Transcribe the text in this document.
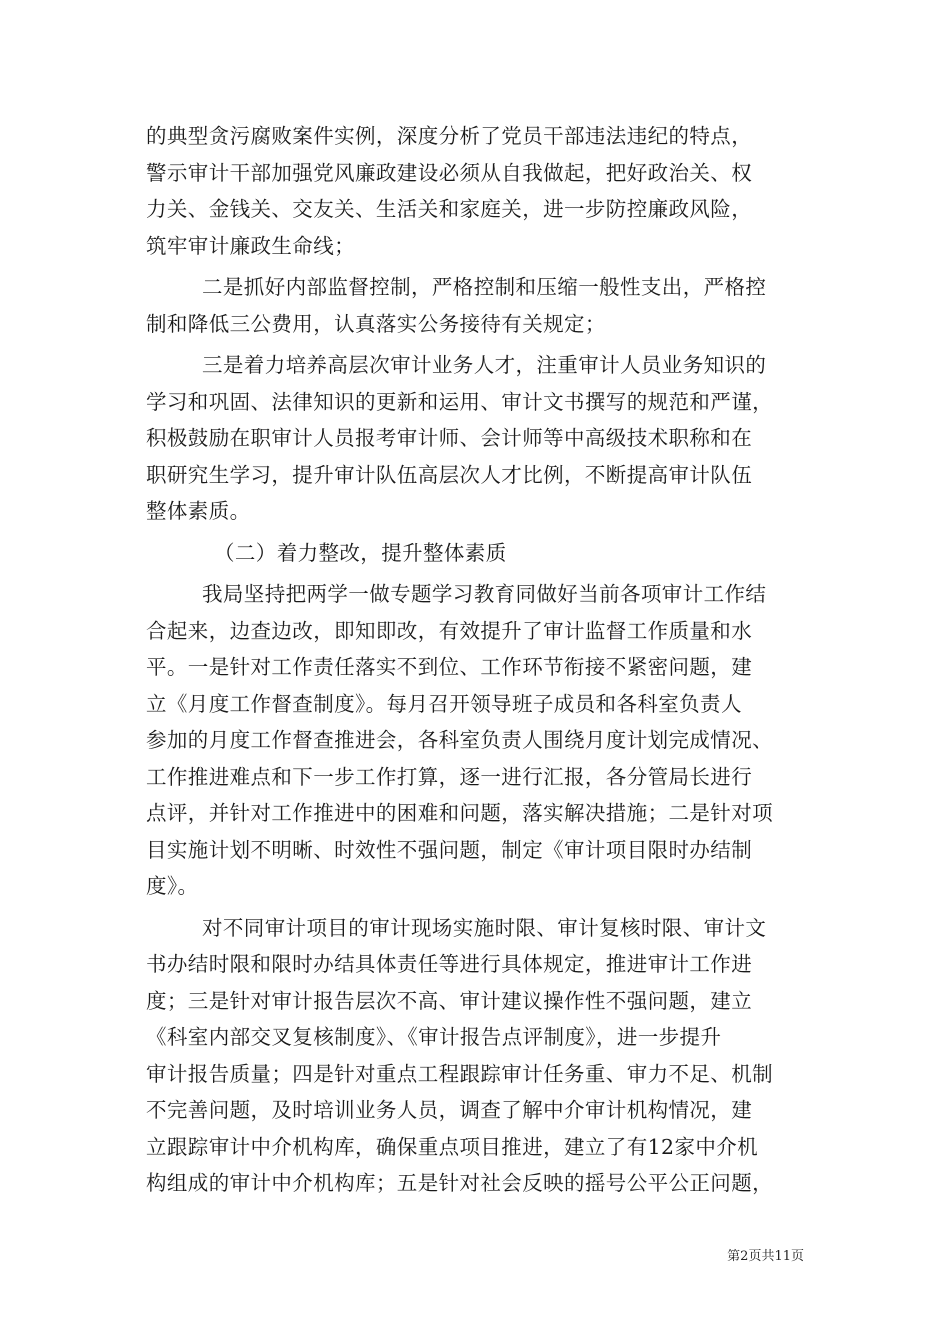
的典型贪污腐败案件实例，深度分析了党员干部违法违纪的特点，
警示审计干部加强党风廉政建设必须从自我做起，把好政治关、权
力关、金钱关、交友关、生活关和家庭关，进一步防控廉政风险，
筑牢审计廉政生命线；
二是抓好内部监督控制，严格控制和压缩一般性支出，严格控
制和降低三公费用，认真落实公务接待有关规定；
三是着力培养高层次审计业务人才，注重审计人员业务知识的
学习和巩固、法律知识的更新和运用、审计文书撰写的规范和严谨，
积极鼓励在职审计人员报考审计师、会计师等中高级技术职称和在
职研究生学习，提升审计队伍高层次人才比例，不断提高审计队伍
整体素质。
（二）着力整改，提升整体素质
我局坚持把两学一做专题学习教育同做好当前各项审计工作结
合起来，边查边改，即知即改，有效提升了审计监督工作质量和水
平。一是针对工作责任落实不到位、工作环节衔接不紧密问题，建
立《月度工作督查制度》。每月召开领导班子成员和各科室负责人
参加的月度工作督查推进会，各科室负责人围绕月度计划完成情况、
工作推进难点和下一步工作打算，逐一进行汇报，各分管局长进行
点评，并针对工作推进中的困难和问题，落实解决措施；二是针对项
目实施计划不明晰、时效性不强问题，制定《审计项目限时办结制
度》。
对不同审计项目的审计现场实施时限、审计复核时限、审计文
书办结时限和限时办结具体责任等进行具体规定，推进审计工作进
度；三是针对审计报告层次不高、审计建议操作性不强问题，建立
《科室内部交叉复核制度》、《审计报告点评制度》，进一步提升
审计报告质量；四是针对重点工程跟踪审计任务重、审力不足、机制
不完善问题，及时培训业务人员，调查了解中介审计机构情况，建
立跟踪审计中介机构库，确保重点项目推进，建立了有12家中介机
构组成的审计中介机构库；五是针对社会反映的摇号公平公正问题，
第2页共11页
